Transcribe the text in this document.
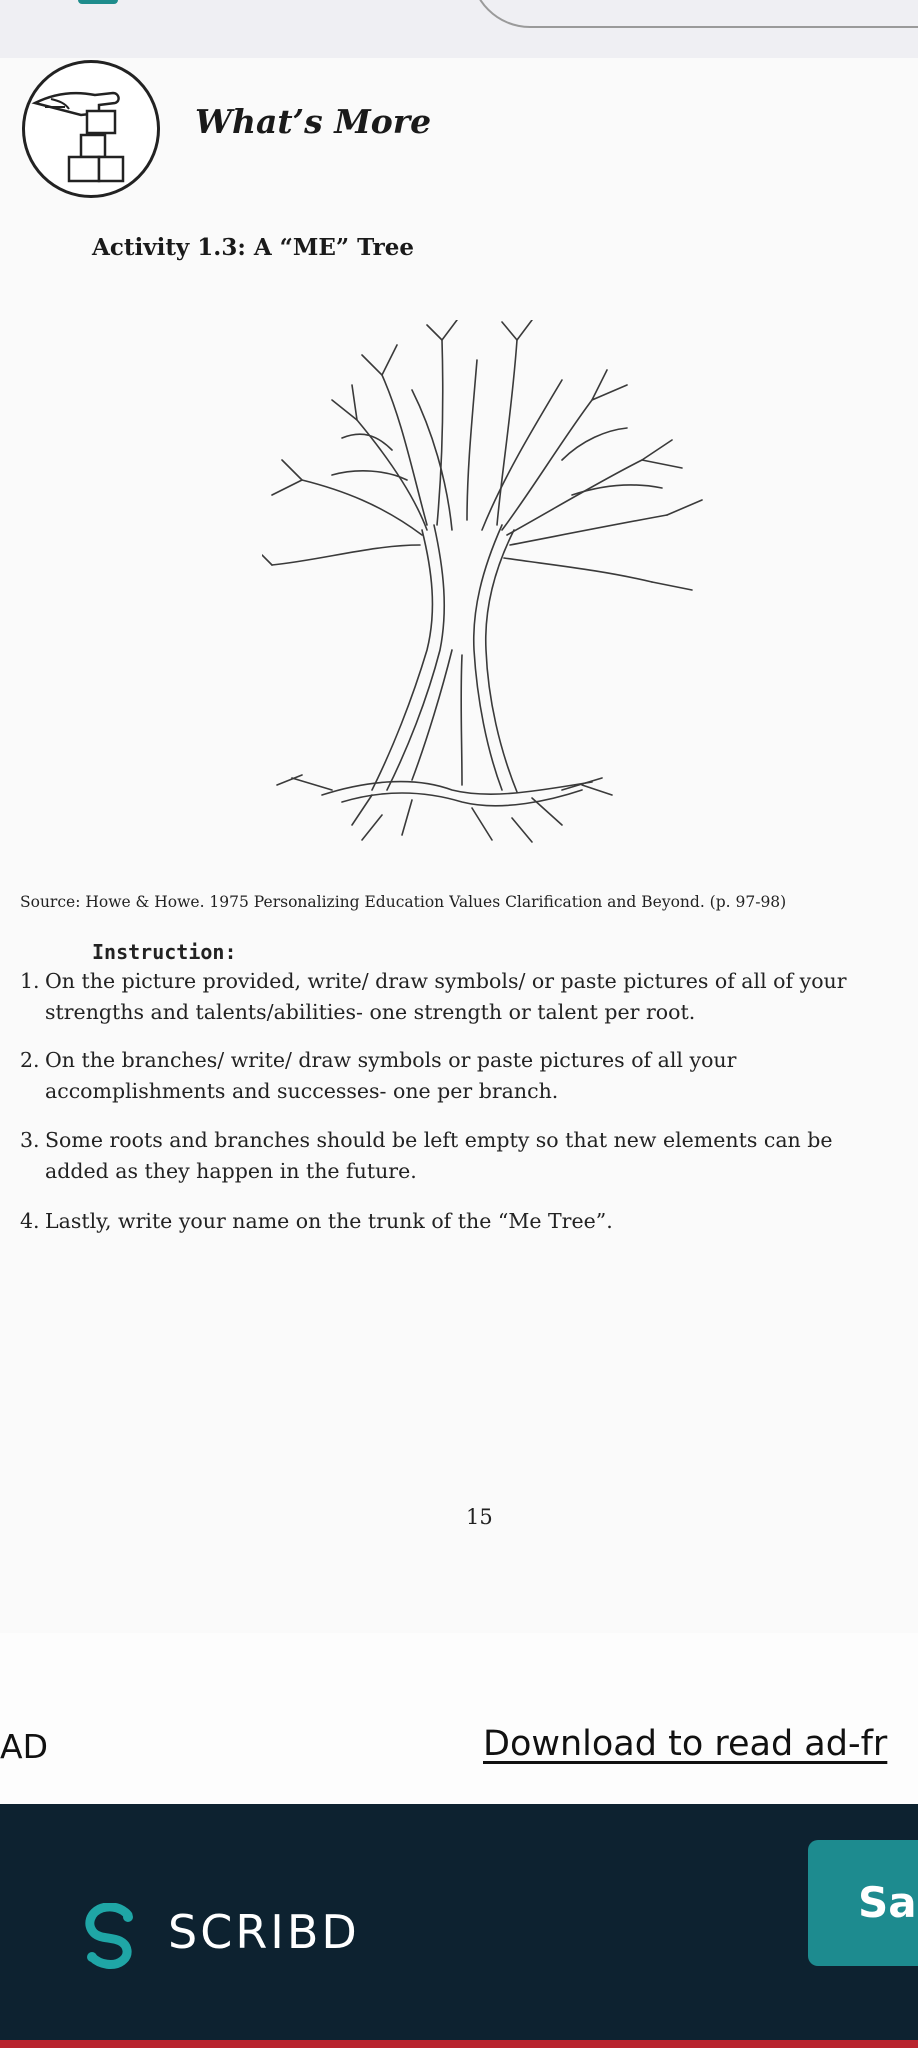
What’s More
Activity 1.3: A “ME” Tree
Source: Howe & Howe. 1975 Personalizing Education Values Clarification and Beyond. (p. 97-98)
Instruction:
1. On the picture provided, write/ draw symbols/ or paste pictures of all of your
strengths and talents/abilities- one strength or talent per root.
2. On the branches/ write/ draw symbols or paste pictures of all your
accomplishments and successes- one per branch.
3. Some roots and branches should be left empty so that new elements can be
added as they happen in the future.
4. Lastly, write your name on the trunk of the “Me Tree”.
15
AD	Download to read ad-fr
Sa
SCRIBD
